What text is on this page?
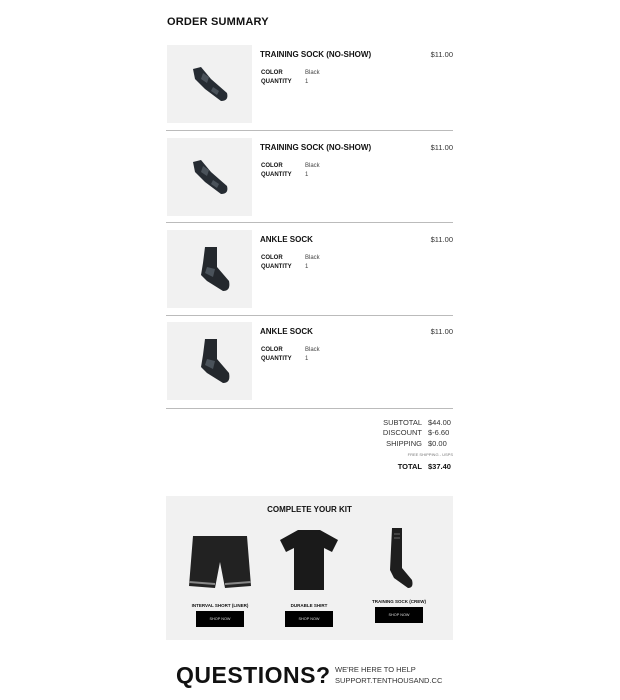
ORDER SUMMARY
TRAINING SOCK (NO-SHOW)	$11.00
COLOR	Black
QUANTITY 1
TRAINING SOCK (NO-SHOW)	$11.00
COLOR	Black
QUANTITY 1
ANKLE SOCK	$11.00
COLOR	Black
QUANTITY 1
ANKLE SOCK	$11.00
COLOR	Black
QUANTITY 1
SUBTOTAL $44.00
DISCOUNT $-6.60
SHIPPING $0.00
FREE SHIPPING - USPS
TOTAL $37.40
COMPLETE YOUR KIT
INTERVAL SHORT (LINER)
SHOP NOW
DURABLE SHIRT
SHOP NOW
TRAINING SOCK (CREW)
SHOP NOW
QUESTIONS? WE'RE HERE TO HELP
SUPPORT.TENTHOUSAND.CC
